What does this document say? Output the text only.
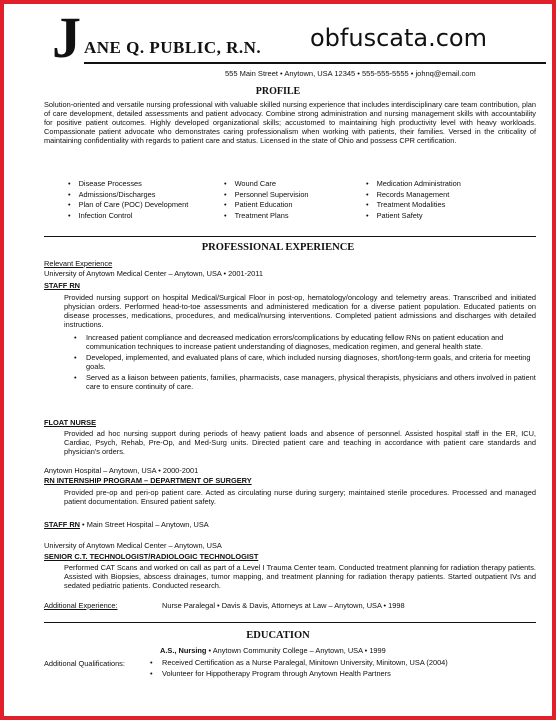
J ANE Q. PUBLIC, R.N. obfuscata.com
555 Main Street • Anytown, USA 12345 • 555-555-5555 • johnq@email.com
PROFILE
Solution-oriented and versatile nursing professional with valuable skilled nursing experience that includes interdisciplinary care team contribution, plan of care development, detailed assessments and patient advocacy. Combine strong administration and nursing management skills with accountability for positive patient outcomes. Highly developed organizational skills; accustomed to maintaining high productivity level with heavy workloads. Compassionate patient advocate who demonstrates caring professionalism when working with patients, their families. Versed in the criticality of maintaining confidentiality with regards to patient care and status. Licensed in the state of Ohio and possess CPR certification.
• Disease Processes
• Admissions/Discharges
• Plan of Care (POC) Development
• Infection Control
• Wound Care
• Personnel Supervision
• Patient Education
• Treatment Plans
• Medication Administration
• Records Management
• Treatment Modalities
• Patient Safety
PROFESSIONAL EXPERIENCE
Relevant Experience
University of Anytown Medical Center – Anytown, USA • 2001-2011
STAFF RN
Provided nursing support on hospital Medical/Surgical Floor in post-op, hematology/oncology and telemetry areas. Transcribed and initiated physician orders. Performed head-to-toe assessments and administered medication for a diverse patient population. Educated patients on disease processes, medications, procedures, and medical/nursing interventions. Completed patient admissions and discharges with detailed instructions.
• Increased patient compliance and decreased medication errors/complications by educating fellow RNs on patient education and communication techniques to increase patient understanding of diagnoses, medication regimen, and general health state.
• Developed, implemented, and evaluated plans of care, which included nursing diagnoses, short/long-term goals, and criteria for meeting goals.
• Served as a liaison between patients, families, pharmacists, case managers, physical therapists, physicians and others involved in patient care to ensure continuity of care.
FLOAT NURSE
Provided ad hoc nursing support during periods of heavy patient loads and absence of personnel. Assisted hospital staff in the ER, ICU, Cardiac, Psych, Rehab, Pre-Op, and Med-Surg units. Directed patient care and teaching in accordance with patient care standards and physician's orders.
Anytown Hospital – Anytown, USA • 2000-2001
RN INTERNSHIP PROGRAM – DEPARTMENT OF SURGERY
Provided pre-op and peri-op patient care. Acted as circulating nurse during surgery; maintained sterile procedures. Processed and managed patient documentation. Ensured patient safety.
STAFF RN • Main Street Hospital – Anytown, USA
University of Anytown Medical Center – Anytown, USA
SENIOR C.T. TECHNOLOGIST/RADIOLOGIC TECHNOLOGIST
Performed CAT Scans and worked on call as part of a Level I Trauma Center team. Conducted treatment planning for radiation therapy patients. Assisted with Biopsies, abscess drainages, tumor mapping, and treatment planning for radiation therapy patients. Started outpatient IVs and sedated pediatric patients. Conducted research.
Additional Experience:	Nurse Paralegal • Davis & Davis, Attorneys at Law – Anytown, USA • 1998
EDUCATION
A.S., Nursing • Anytown Community College – Anytown, USA • 1999
Additional Qualifications:
•	Received Certification as a Nurse Paralegal, Minitown University, Minitown, USA (2004)
• Volunteer for Hippotherapy Program through Anytown Health Partners
